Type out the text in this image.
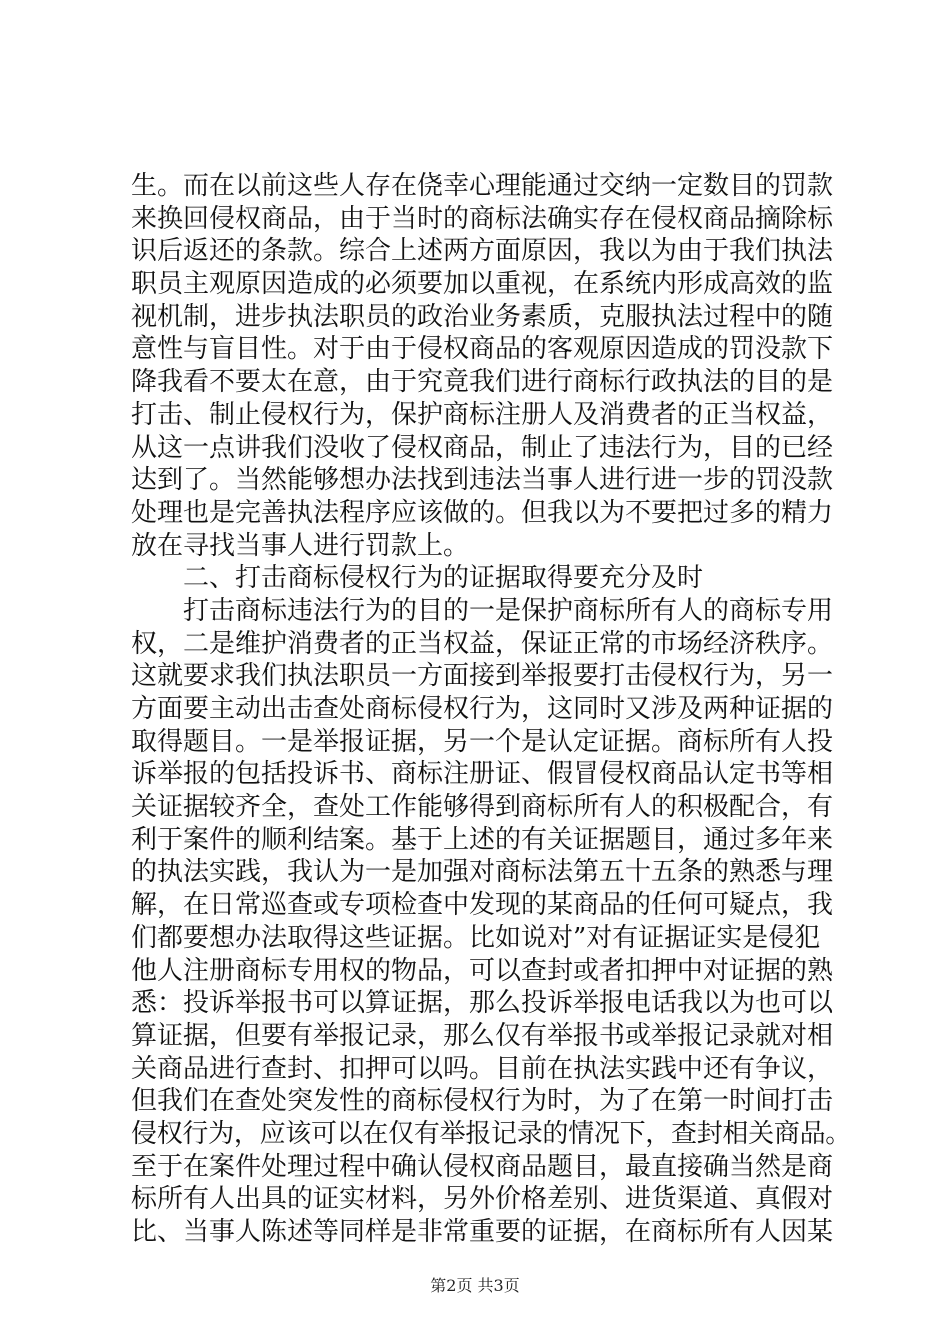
生。而在以前这些人存在侥幸心理能通过交纳一定数目的罚款
来换回侵权商品，由于当时的商标法确实存在侵权商品摘除标
识后返还的条款。综合上述两方面原因，我以为由于我们执法
职员主观原因造成的必须要加以重视，在系统内形成高效的监
视机制，进步执法职员的政治业务素质，克服执法过程中的随
意性与盲目性。对于由于侵权商品的客观原因造成的罚没款下
降我看不要太在意，由于究竟我们进行商标行政执法的目的是
打击、制止侵权行为，保护商标注册人及消费者的正当权益，
从这一点讲我们没收了侵权商品，制止了违法行为，目的已经
达到了。当然能够想办法找到违法当事人进行进一步的罚没款
处理也是完善执法程序应该做的。但我以为不要把过多的精力
放在寻找当事人进行罚款上。
　　二、打击商标侵权行为的证据取得要充分及时
　　打击商标违法行为的目的一是保护商标所有人的商标专用
权，二是维护消费者的正当权益，保证正常的市场经济秩序。
这就要求我们执法职员一方面接到举报要打击侵权行为，另一
方面要主动出击查处商标侵权行为，这同时又涉及两种证据的
取得题目。一是举报证据，另一个是认定证据。商标所有人投
诉举报的包括投诉书、商标注册证、假冒侵权商品认定书等相
关证据较齐全，查处工作能够得到商标所有人的积极配合，有
利于案件的顺利结案。基于上述的有关证据题目，通过多年来
的执法实践，我认为一是加强对商标法第五十五条的熟悉与理
解，在日常巡查或专项检查中发现的某商品的任何可疑点，我
们都要想办法取得这些证据。比如说对”对有证据证实是侵犯
他人注册商标专用权的物品，可以查封或者扣押中对证据的熟
悉：投诉举报书可以算证据，那么投诉举报电话我以为也可以
算证据，但要有举报记录，那么仅有举报书或举报记录就对相
关商品进行查封、扣押可以吗。目前在执法实践中还有争议，
但我们在查处突发性的商标侵权行为时，为了在第一时间打击
侵权行为，应该可以在仅有举报记录的情况下，查封相关商品。
至于在案件处理过程中确认侵权商品题目，最直接确当然是商
标所有人出具的证实材料，另外价格差别、进货渠道、真假对
比、当事人陈述等同样是非常重要的证据，在商标所有人因某
第2页 共3页
